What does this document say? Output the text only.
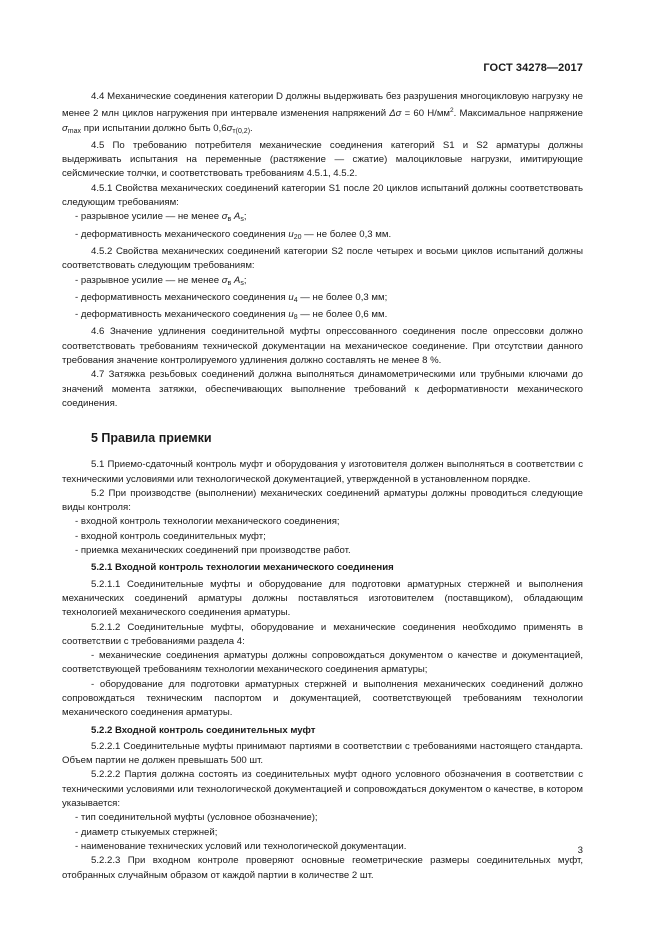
ГОСТ 34278—2017

4.4 Механические соединения категории D должны выдерживать без разрушения многоцикловую нагрузку не менее 2 млн циклов нагружения при интервале изменения напряжений Δσ = 60 $Н/мм^2$. Максимальное напряжение $\sigma_{max}$ при испытании должно быть $0,6\sigma_{т(0,2)}$.

4.5 По требованию потребителя механические соединения категорий S1 и S2 арматуры должны выдерживать испытания на переменные (растяжение — сжатие) малоцикловые нагрузки, имитирующие сейсмические толчки, и соответствовать требованиям 4.5.1, 4.5.2.

4.5.1 Свойства механических соединений категории S1 после 20 циклов испытаний должны соответствовать следующим требованиям:

- разрывное усилие — не менее $\sigma_в$ $A_s$;

- деформативность механического соединения $u_{20}$ — не более 0,3 мм.

4.5.2 Свойства механических соединений категории S2 после четырех и восьми циклов испытаний должны соответствовать следующим требованиям:

- разрывное усилие — не менее $\sigma_в$ $A_s$;

- деформативность механического соединения $u_4$ — не более 0,3 мм;

- деформативность механического соединения $u_8$ — не более 0,6 мм.

4.6 Значение удлинения соединительной муфты опрессованного соединения после опрессовки должно соответствовать требованиям технической документации на механическое соединение. При отсутствии данного требования значение контролируемого удлинения должно составлять не менее 8 %.

4.7 Затяжка резьбовых соединений должна выполняться динамометрическими или трубными ключами до значений момента затяжки, обеспечивающих выполнение требований к деформативности механического соединения.

5 Правила приемки

5.1 Приемо-сдаточный контроль муфт и оборудования у изготовителя должен выполняться в соответствии с техническими условиями или технологической документацией, утвержденной в установленном порядке.

5.2 При производстве (выполнении) механических соединений арматуры должны проводиться следующие виды контроля:

- входной контроль технологии механического соединения;

- входной контроль соединительных муфт;

- приемка механических соединений при производстве работ.

5.2.1 Входной контроль технологии механического соединения

5.2.1.1 Соединительные муфты и оборудование для подготовки арматурных стержней и выполнения механических соединений арматуры должны поставляться изготовителем (поставщиком), обладающим технологией механического соединения арматуры.

5.2.1.2 Соединительные муфты, оборудование и механические соединения необходимо применять в соответствии с требованиями раздела 4:

- механические соединения арматуры должны сопровождаться документом о качестве и документацией, соответствующей требованиям технологии механического соединения арматуры;

- оборудование для подготовки арматурных стержней и выполнения механических соединений должно сопровождаться техническим паспортом и документацией, соответствующей требованиям технологии механического соединения арматуры.

5.2.2 Входной контроль соединительных муфт

5.2.2.1 Соединительные муфты принимают партиями в соответствии с требованиями настоящего стандарта. Объем партии не должен превышать 500 шт.

5.2.2.2 Партия должна состоять из соединительных муфт одного условного обозначения в соответствии с техническими условиями или технологической документацией и сопровождаться документом о качестве, в котором указывается:

- тип соединительной муфты (условное обозначение);

- диаметр стыкуемых стержней;

- наименование технических условий или технологической документации.

5.2.2.3 При входном контроле проверяют основные геометрические размеры соединительных муфт, отобранных случайным образом от каждой партии в количестве 2 шт.

3
